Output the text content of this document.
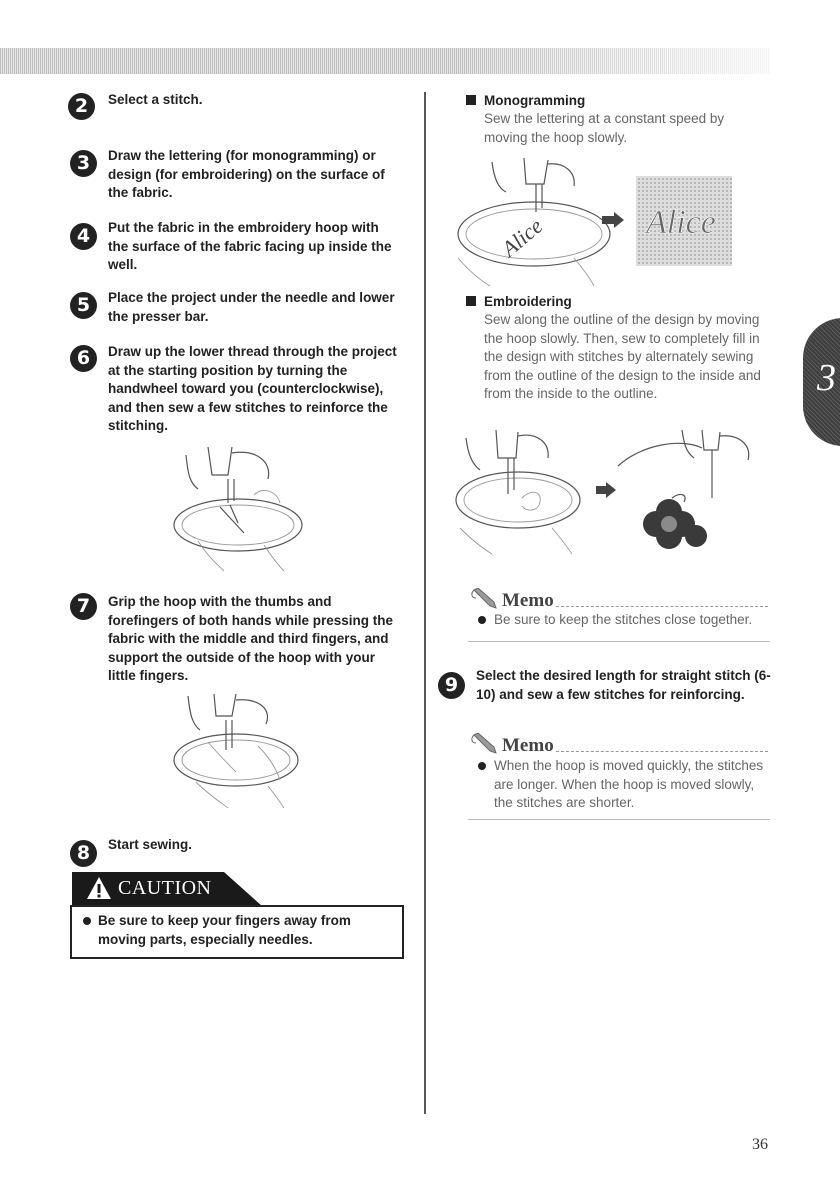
2	Select a stitch.

3	Draw the lettering (for monogramming) or design (for embroidering) on the surface of the fabric.

4	Put the fabric in the embroidery hoop with the surface of the fabric facing up inside the well.

5	Place the project under the needle and lower the presser bar.

6	Draw up the lower thread through the project at the starting position by turning the handwheel toward you (counterclockwise), and then sew a few stitches to reinforce the stitching.

7	Grip the hoop with the thumbs and forefingers of both hands while pressing the fabric with the middle and third fingers, and support the outside of the hoop with your little fingers.

8	Start sewing.

CAUTION

Be sure to keep your fingers away from moving parts, especially needles.

Monogramming

Sew the lettering at a constant speed by moving the hoop slowly.

Alice	Alice
Embroidering

Sew along the outline of the design by moving the hoop slowly. Then, sew to completely fill in the design with stitches by alternately sewing from the outline of the design to the inside and from the inside to the outline.

Memo

Be sure to keep the stitches close together.

9	Select the desired length for straight stitch (6-10) and sew a few stitches for reinforcing.

Memo

When the hoop is moved quickly, the stitches are longer. When the hoop is moved slowly, the stitches are shorter.

3
36
